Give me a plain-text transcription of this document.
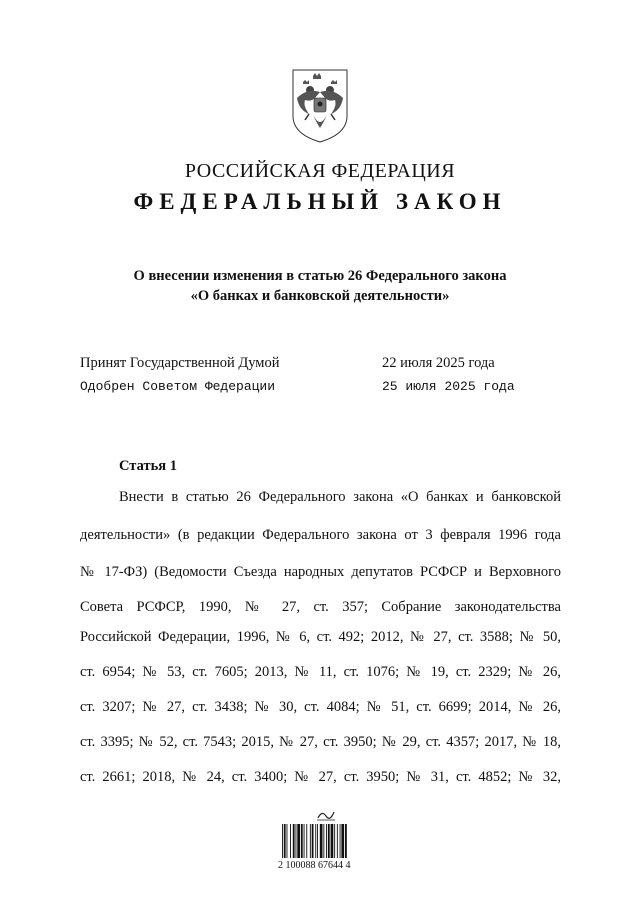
РОССИЙСКАЯ ФЕДЕРАЦИЯ
ФЕДЕРАЛЬНЫЙ ЗАКОН
О внесении изменения в статью 26 Федерального закона
«О банках и банковской деятельности»
Принят Государственной Думой	22 июля 2025 года
Одобрен Советом Федерации	25 июля 2025 года
Статья 1
Внести в статью 26 Федерального закона «О банках и банковской
деятельности» (в редакции Федерального закона от 3 февраля 1996 года
№ 17-ФЗ) (Ведомости Съезда народных депутатов РСФСР и Верховного
Совета РСФСР, 1990, № 27, ст. 357; Собрание законодательства
Российской Федерации, 1996, № 6, ст. 492; 2012, № 27, ст. 3588; № 50,
ст. 6954; № 53, ст. 7605; 2013, № 11, ст. 1076; № 19, ст. 2329; № 26,
ст. 3207; № 27, ст. 3438; № 30, ст. 4084; № 51, ст. 6699; 2014, № 26,
ст. 3395; № 52, ст. 7543; 2015, № 27, ст. 3950; № 29, ст. 4357; 2017, № 18,
ст. 2661; 2018, № 24, ст. 3400; № 27, ст. 3950; № 31, ст. 4852; № 32,
2 100088 67644 4
